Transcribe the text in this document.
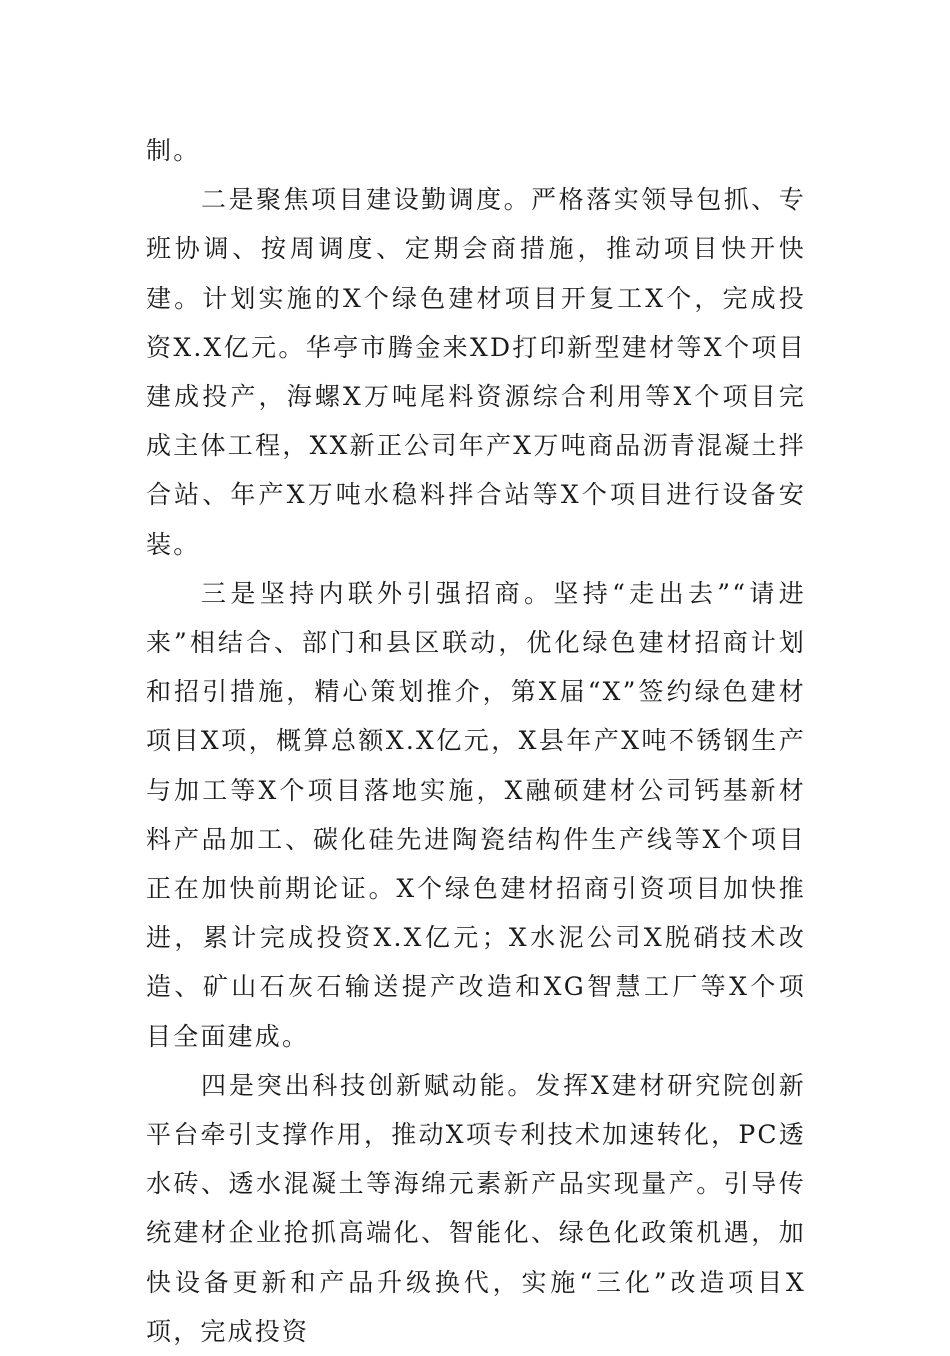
制。

二是聚焦项目建设勤调度。严格落实领导包抓、专班协调、按周调度、定期会商措施，推动项目快开快建。计划实施的X个绿色建材项目开复工X个，完成投资X.X亿元。华亭市腾金来XD打印新型建材等X个项目建成投产，海螺X万吨尾料资源综合利用等X个项目完成主体工程，XX新正公司年产X万吨商品沥青混凝土拌合站、年产X万吨水稳料拌合站等X个项目进行设备安装。

三是坚持内联外引强招商。坚持“走出去”“请进来”相结合、部门和县区联动，优化绿色建材招商计划和招引措施，精心策划推介，第X届“X”签约绿色建材项目X项，概算总额X.X亿元，X县年产X吨不锈钢生产与加工等X个项目落地实施，X融硕建材公司钙基新材料产品加工、碳化硅先进陶瓷结构件生产线等X个项目正在加快前期论证。X个绿色建材招商引资项目加快推进，累计完成投资X.X亿元；X水泥公司X脱硝技术改造、矿山石灰石输送提产改造和XG智慧工厂等X个项目全面建成。

四是突出科技创新赋动能。发挥X建材研究院创新平台牵引支撑作用，推动X项专利技术加速转化，PC透水砖、透水混凝土等海绵元素新产品实现量产。引导传统建材企业抢抓高端化、智能化、绿色化政策机遇，加快设备更新和产品升级换代，实施“三化”改造项目X项，完成投资
